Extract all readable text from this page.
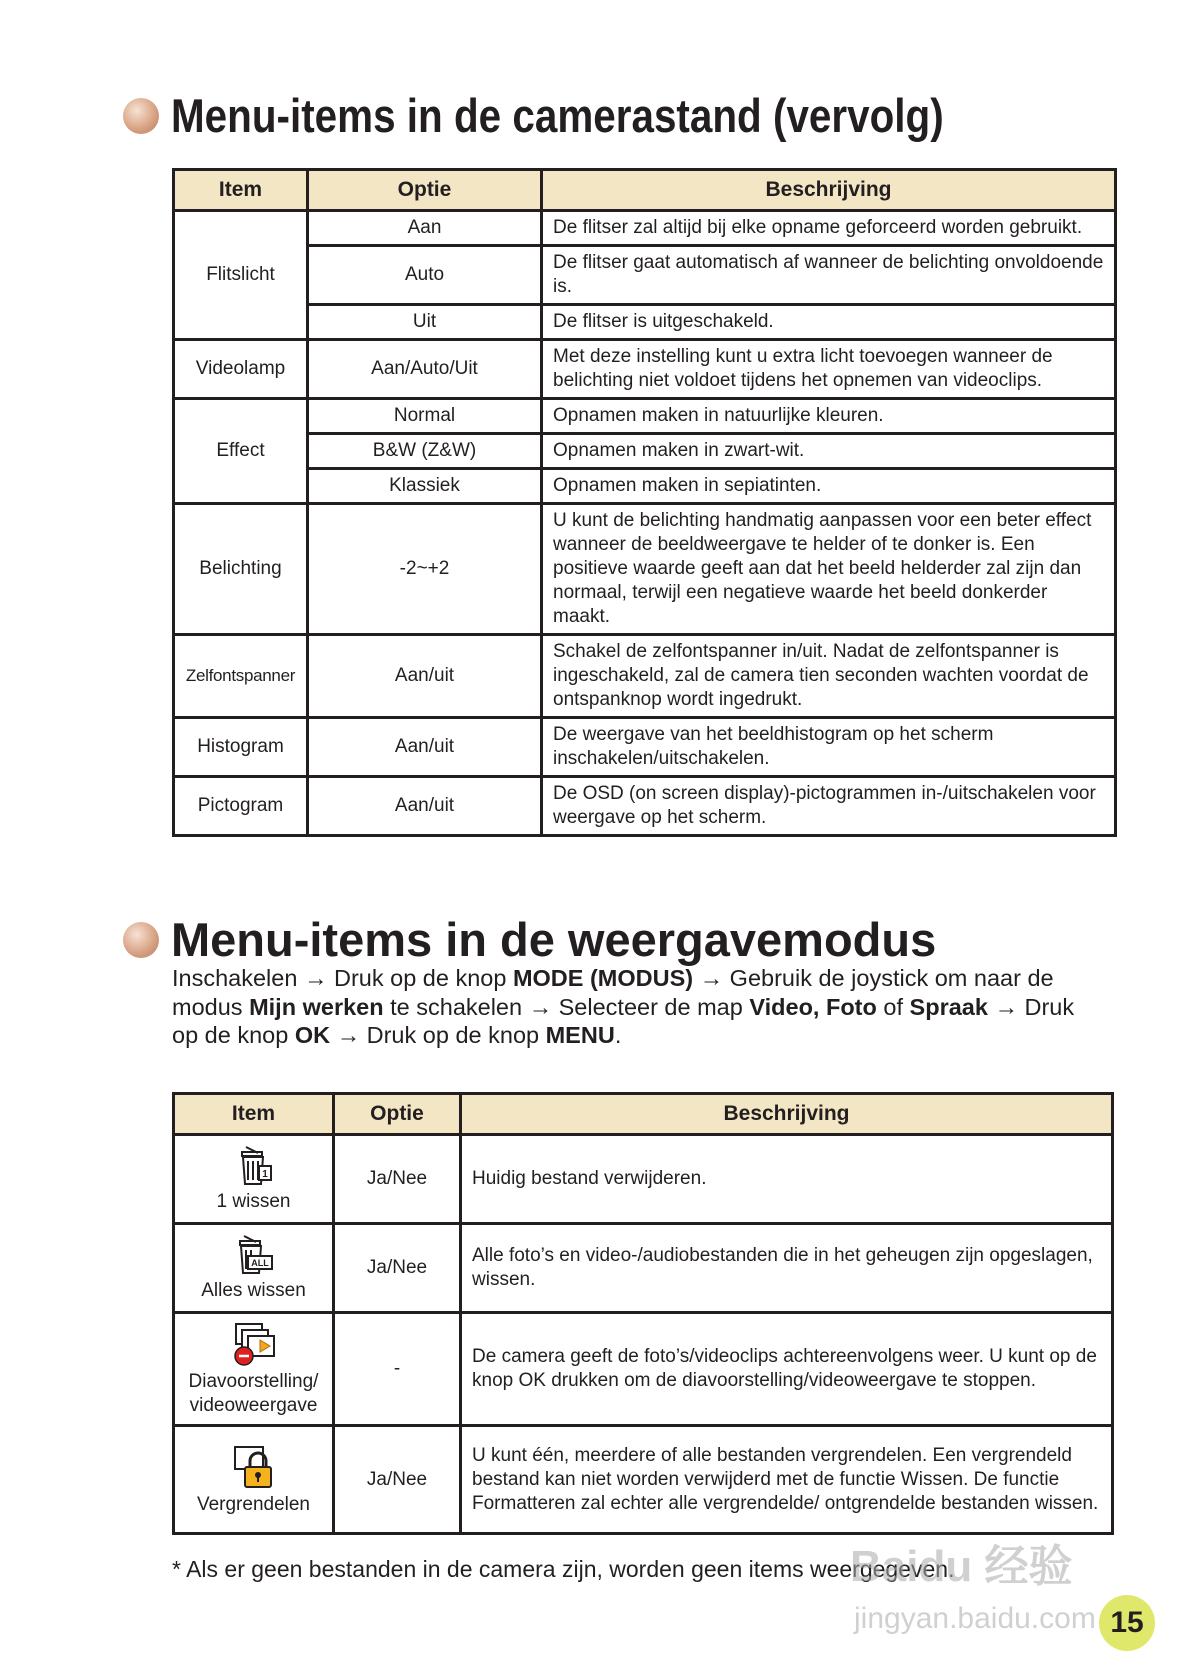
Menu-items in de camerastand (vervolg)
Item	Optie	Beschrijving
Flitslicht	Aan	De flitser zal altijd bij elke opname geforceerd worden gebruikt.
	Auto	De flitser gaat automatisch af wanneer de belichting onvoldoende is.
	Uit	De flitser is uitgeschakeld.
Videolamp	Aan/Auto/Uit	Met deze instelling kunt u extra licht toevoegen wanneer de belichting niet voldoet tijdens het opnemen van videoclips.
Effect	Normal	Opnamen maken in natuurlijke kleuren.
	B&W (Z&W)	Opnamen maken in zwart-wit.
	Klassiek	Opnamen maken in sepiatinten.
Belichting	-2~+2	U kunt de belichting handmatig aanpassen voor een beter effect wanneer de beeldweergave te helder of te donker is. Een positieve waarde geeft aan dat het beeld helderder zal zijn dan normaal, terwijl een negatieve waarde het beeld donkerder maakt.
Zelfontspanner	Aan/uit	Schakel de zelfontspanner in/uit. Nadat de zelfontspanner is ingeschakeld, zal de camera tien seconden wachten voordat de ontspanknop wordt ingedrukt.
Histogram	Aan/uit	De weergave van het beeldhistogram op het scherm inschakelen/uitschakelen.
Pictogram	Aan/uit	De OSD (on screen display)-pictogrammen in-/uitschakelen voor weergave op het scherm.
Menu-items in de weergavemodus
Inschakelen → Druk op de knop MODE (MODUS) → Gebruik de joystick om naar de modus Mijn werken te schakelen → Selecteer de map Video, Foto of Spraak → Druk op de knop OK → Druk op de knop MENU.
Item	Optie	Beschrijving

1
1 wissen	Ja/Nee	Huidig bestand verwijderen.

ALL
Alles wissen	Ja/Nee	Alle foto’s en video-/audiobestanden die in het geheugen zijn opgeslagen, wissen.

Diavoorstelling/ videoweergave	-	De camera geeft de foto’s/videoclips achtereenvolgens weer. U kunt op de knop OK drukken om de diavoorstelling/videoweergave te stoppen.

Vergrendelen	Ja/Nee	U kunt één, meerdere of alle bestanden vergrendelen. Een vergrendeld bestand kan niet worden verwijderd met de functie Wissen. De functie Formatteren zal echter alle vergrendelde/ ontgrendelde bestanden wissen.
* Als er geen bestanden in de camera zijn, worden geen items weergegeven.
Baidu 经验
jingyan.baidu.com 15
